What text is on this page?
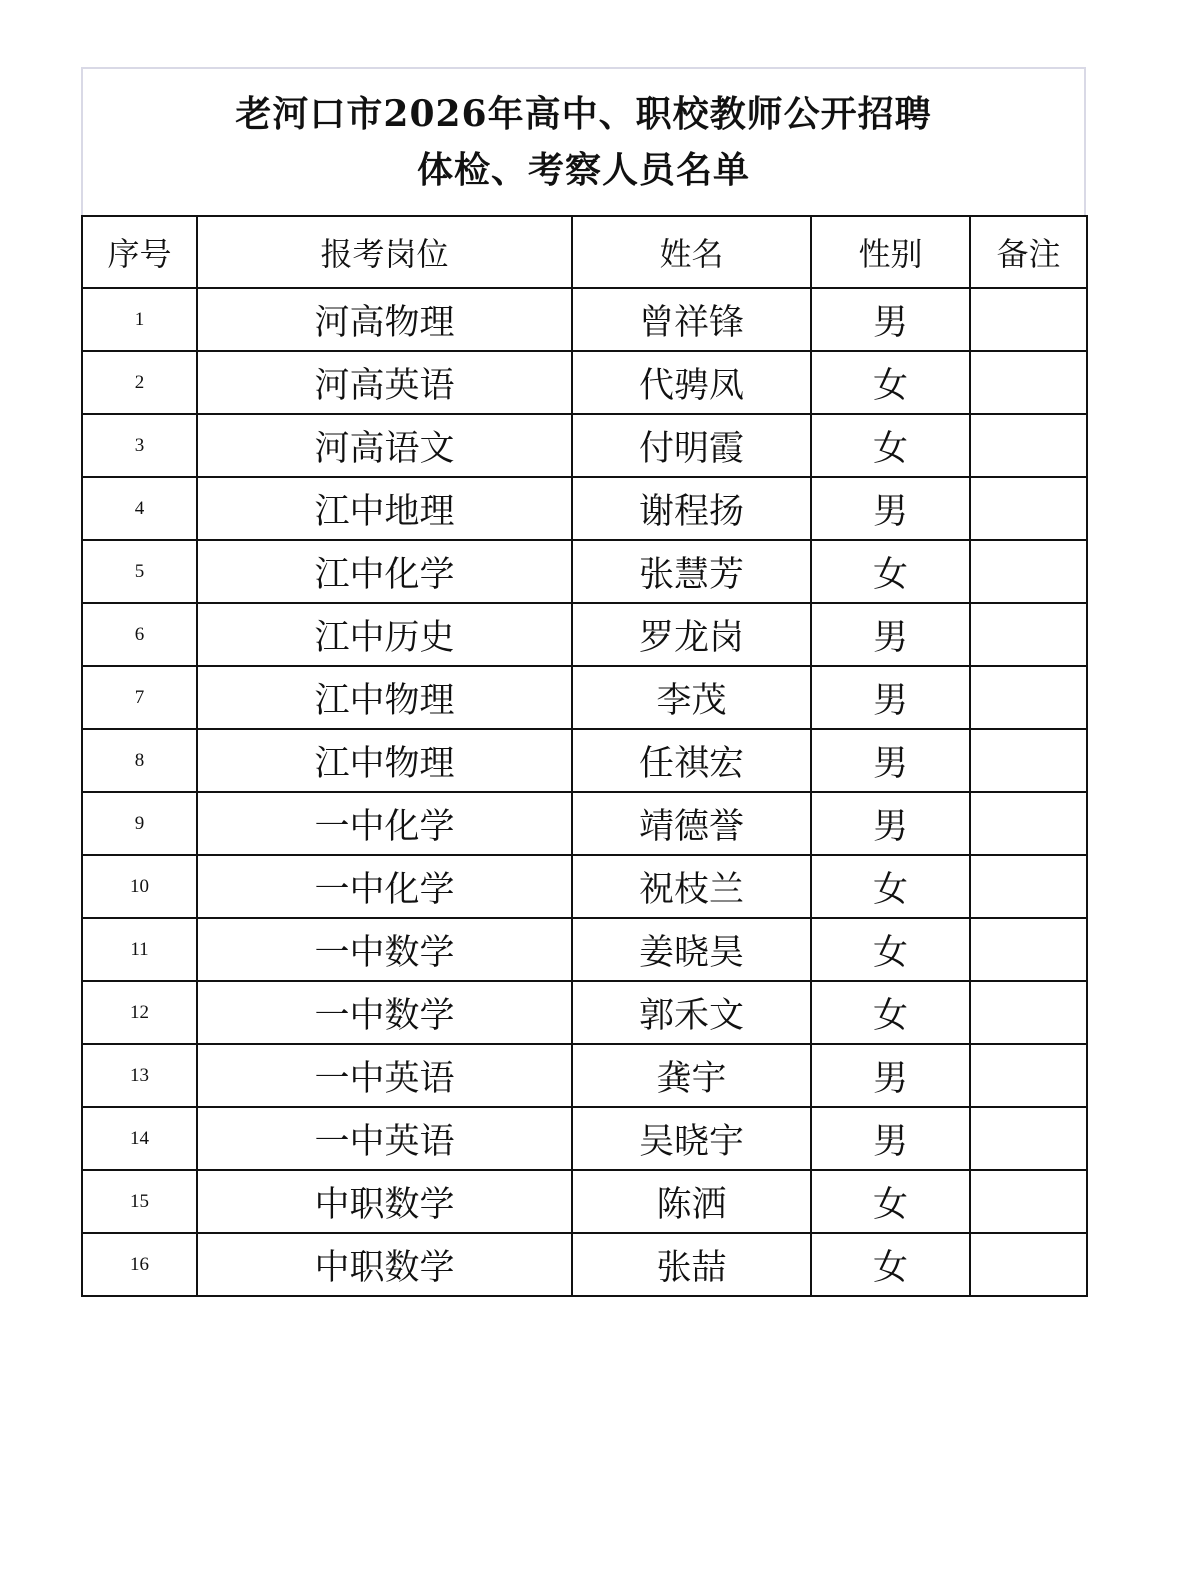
老河口市2026年高中、职校教师公开招聘
体检、考察人员名单
序号	报考岗位	姓名	性别	备注
1	河高物理	曾祥锋	男	
2	河高英语	代骋凤	女	
3	河高语文	付明霞	女	
4	江中地理	谢程扬	男	
5	江中化学	张慧芳	女	
6	江中历史	罗龙岗	男	
7	江中物理	李茂	男	
8	江中物理	任祺宏	男	
9	一中化学	靖德誉	男	
10	一中化学	祝枝兰	女	
11	一中数学	姜晓昊	女	
12	一中数学	郭禾文	女	
13	一中英语	龚宇	男	
14	一中英语	吴晓宇	男	
15	中职数学	陈洒	女	
16	中职数学	张喆	女	
